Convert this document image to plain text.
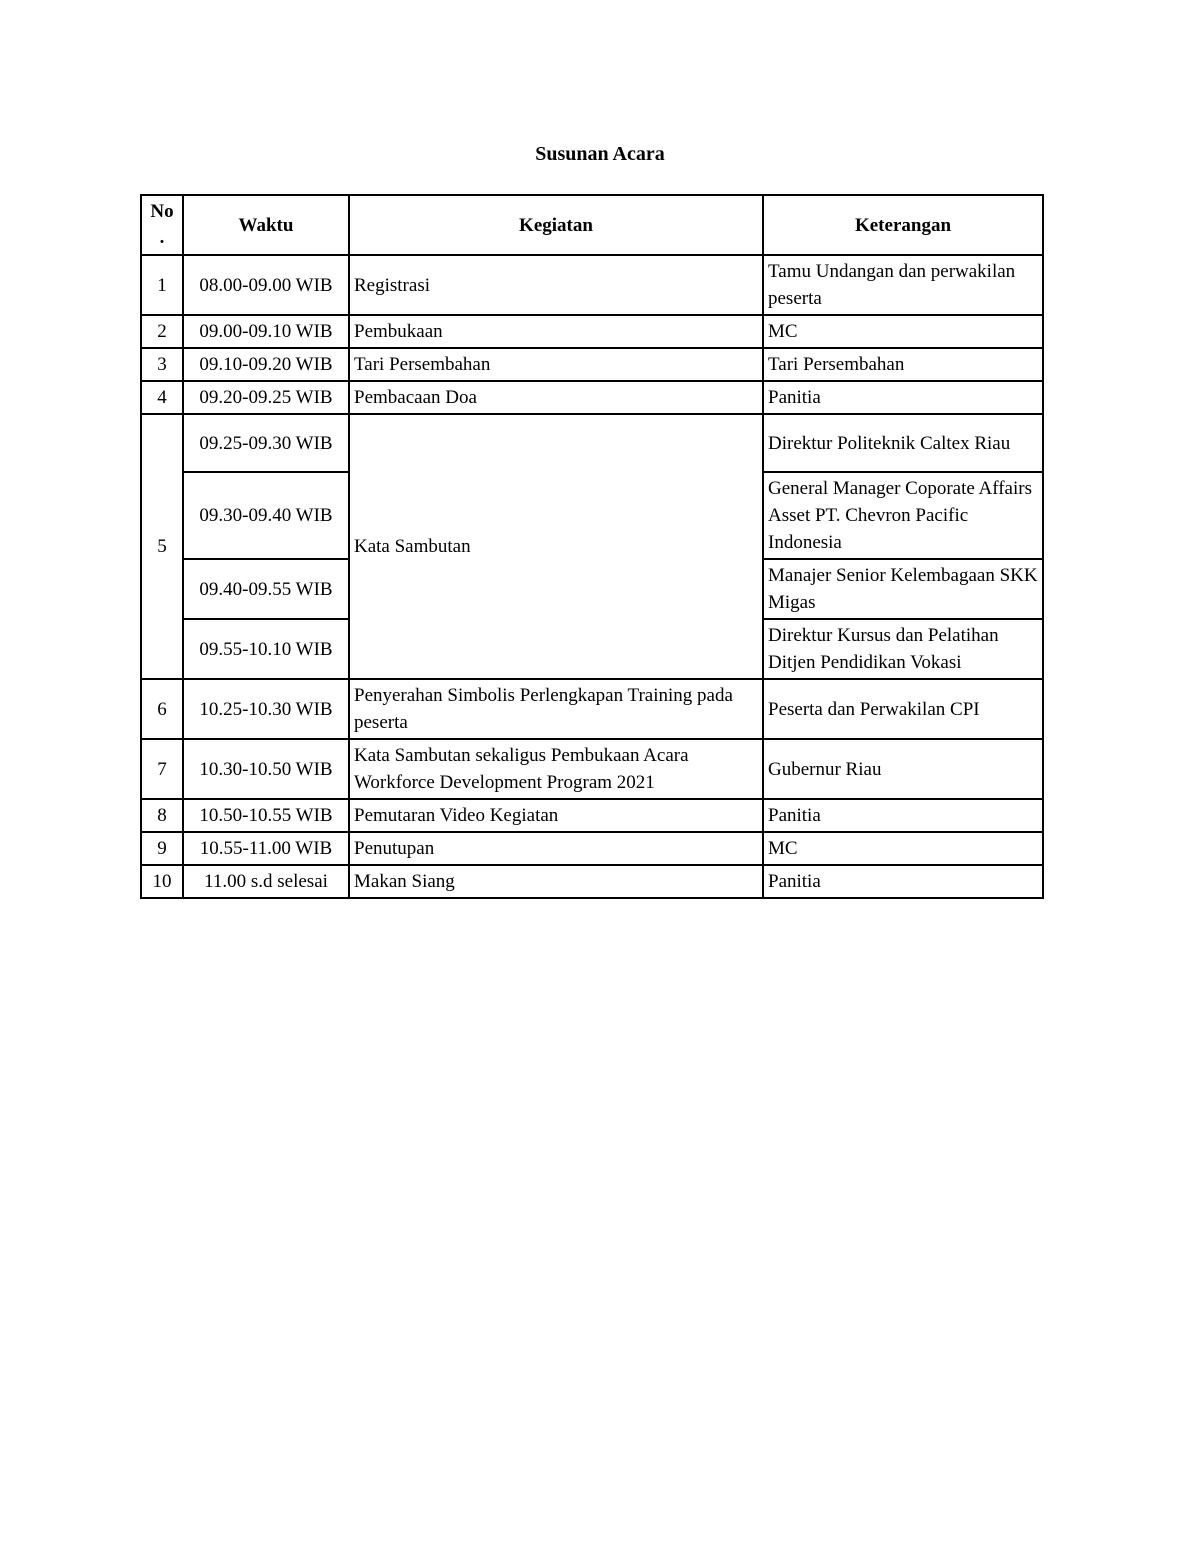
Susunan Acara
No
.	Waktu	Kegiatan	Keterangan
1	08.00-09.00 WIB	Registrasi	Tamu Undangan dan perwakilan peserta
2	09.00-09.10 WIB	Pembukaan	MC
3	09.10-09.20 WIB	Tari Persembahan	Tari Persembahan
4	09.20-09.25 WIB	Pembacaan Doa	Panitia
5	09.25-09.30 WIB	Kata Sambutan	Direktur Politeknik Caltex Riau
	09.30-09.40 WIB		General Manager Coporate Affairs Asset PT. Chevron Pacific Indonesia
	09.40-09.55 WIB		Manajer Senior Kelembagaan SKK Migas
	09.55-10.10 WIB		Direktur Kursus dan Pelatihan Ditjen Pendidikan Vokasi
6	10.25-10.30 WIB	Penyerahan Simbolis Perlengkapan Training pada peserta	Peserta dan Perwakilan CPI
7	10.30-10.50 WIB	Kata Sambutan sekaligus Pembukaan Acara Workforce Development Program 2021	Gubernur Riau
8	10.50-10.55 WIB	Pemutaran Video Kegiatan	Panitia
9	10.55-11.00 WIB	Penutupan	MC
10	11.00 s.d selesai	Makan Siang	Panitia
